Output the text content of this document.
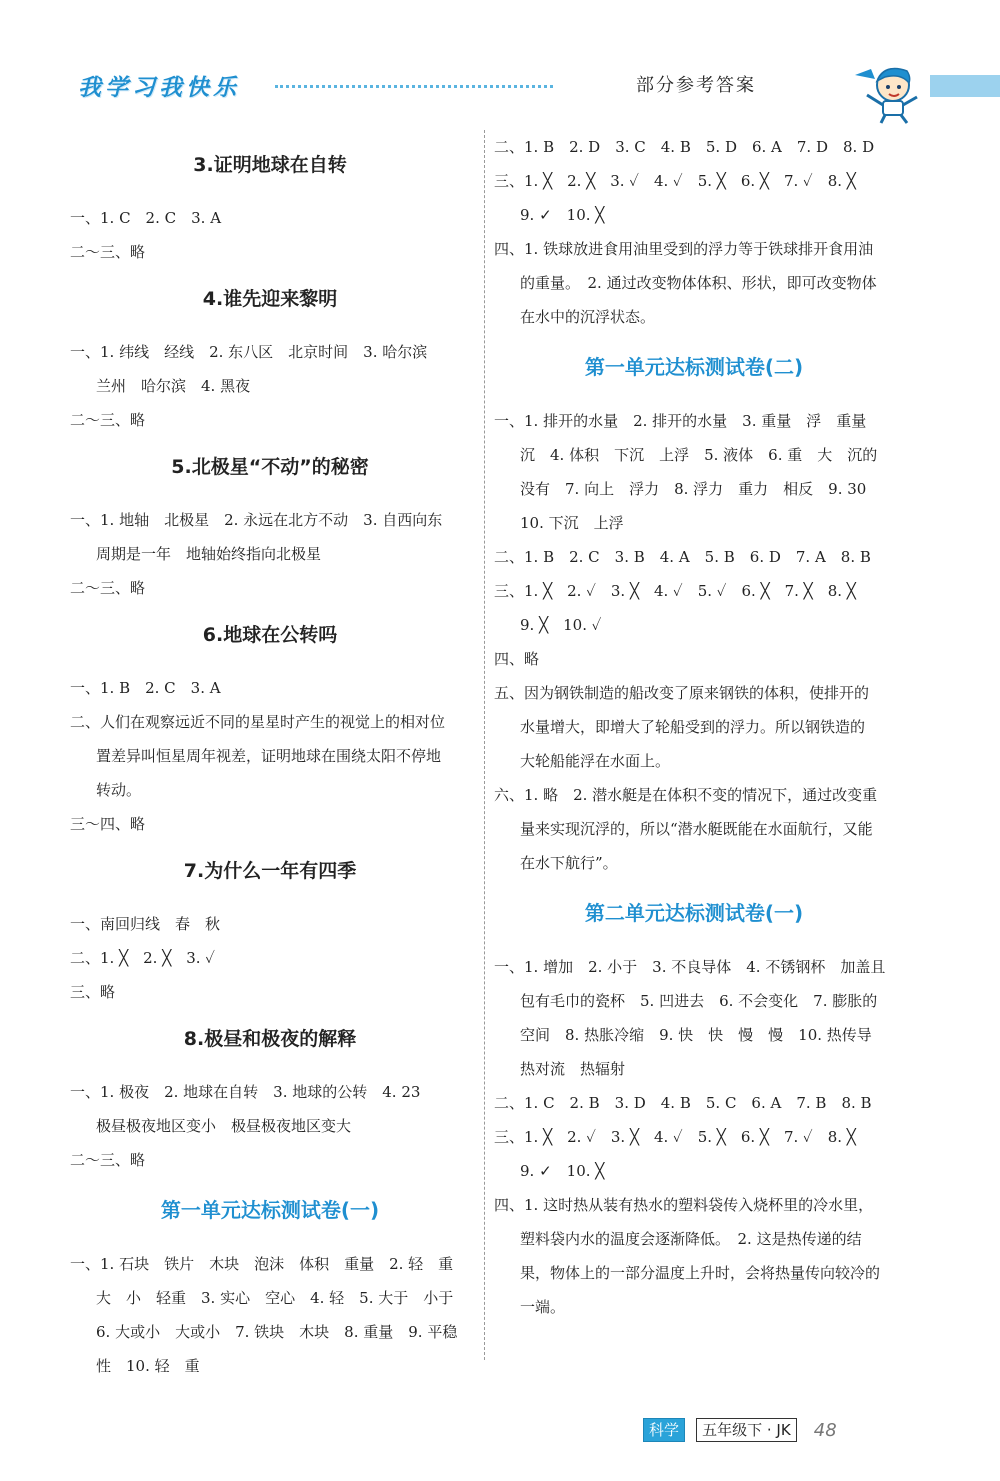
我学习我快乐	部分参考答案
3.证明地球在自转
一、1. C　2. C　3. A
二～三、略
4.谁先迎来黎明
一、1. 纬线　经线　2. 东八区　北京时间　3. 哈尔滨
兰州　哈尔滨　4. 黑夜
二～三、略
5.北极星“不动”的秘密
一、1. 地轴　北极星　2. 永远在北方不动　3. 自西向东
周期是一年　地轴始终指向北极星
二～三、略
6.地球在公转吗
一、1. B　2. C　3. A
二、人们在观察远近不同的星星时产生的视觉上的相对位
置差异叫恒星周年视差，证明地球在围绕太阳不停地
转动。
三～四、略
7.为什么一年有四季
一、南回归线　春　秋
二、1. ╳　2. ╳　3. ✓
三、略
8.极昼和极夜的解释
一、1. 极夜　2. 地球在自转　3. 地球的公转　4. 23
极昼极夜地区变小　极昼极夜地区变大
二～三、略
第一单元达标测试卷(一)
一、1. 石块　铁片　木块　泡沫　体积　重量　2. 轻　重
大　小　轻重　3. 实心　空心　4. 轻　5. 大于　小于
6. 大或小　大或小　7. 铁块　木块　8. 重量　9. 平稳
性　10. 轻　重
二、1. B　2. D　3. C　4. B　5. D　6. A　7. D　8. D
三、1. ╳　2. ╳　3. ✓　4. ✓　5. ╳　6. ╳　7. ✓　8. ╳
9. ✓　10. ╳
四、1. 铁球放进食用油里受到的浮力等于铁球排开食用油
的重量。　2. 通过改变物体体积、形状，即可改变物体
在水中的沉浮状态。
第一单元达标测试卷(二)
一、1. 排开的水量　2. 排开的水量　3. 重量　浮　重量
沉　4. 体积　下沉　上浮　5. 液体　6. 重　大　沉的
没有　7. 向上　浮力　8. 浮力　重力　相反　9. 30
10. 下沉　上浮
二、1. B　2. C　3. B　4. A　5. B　6. D　7. A　8. B
三、1. ╳　2. ✓　3. ╳　4. ✓　5. ✓　6. ╳　7. ╳　8. ╳
9. ╳　10. ✓
四、略
五、因为钢铁制造的船改变了原来钢铁的体积，使排开的
水量增大，即增大了轮船受到的浮力。所以钢铁造的
大轮船能浮在水面上。
六、1. 略　2. 潜水艇是在体积不变的情况下，通过改变重
量来实现沉浮的，所以“潜水艇既能在水面航行，又能
在水下航行”。
第二单元达标测试卷(一)
一、1. 增加　2. 小于　3. 不良导体　4. 不锈钢杯　加盖且
包有毛巾的瓷杯　5. 凹进去　6. 不会变化　7. 膨胀的
空间　8. 热胀冷缩　9. 快　快　慢　慢　10. 热传导
热对流　热辐射
二、1. C　2. B　3. D　4. B　5. C　6. A　7. B　8. B
三、1. ╳　2. ✓　3. ╳　4. ✓　5. ╳　6. ╳　7. ✓　8. ╳
9. ✓　10. ╳
四、1. 这时热从装有热水的塑料袋传入烧杯里的冷水里，
塑料袋内水的温度会逐渐降低。　2. 这是热传递的结
果，物体上的一部分温度上升时，会将热量传向较冷的
一端。
科学 五年级下 · JK 48
